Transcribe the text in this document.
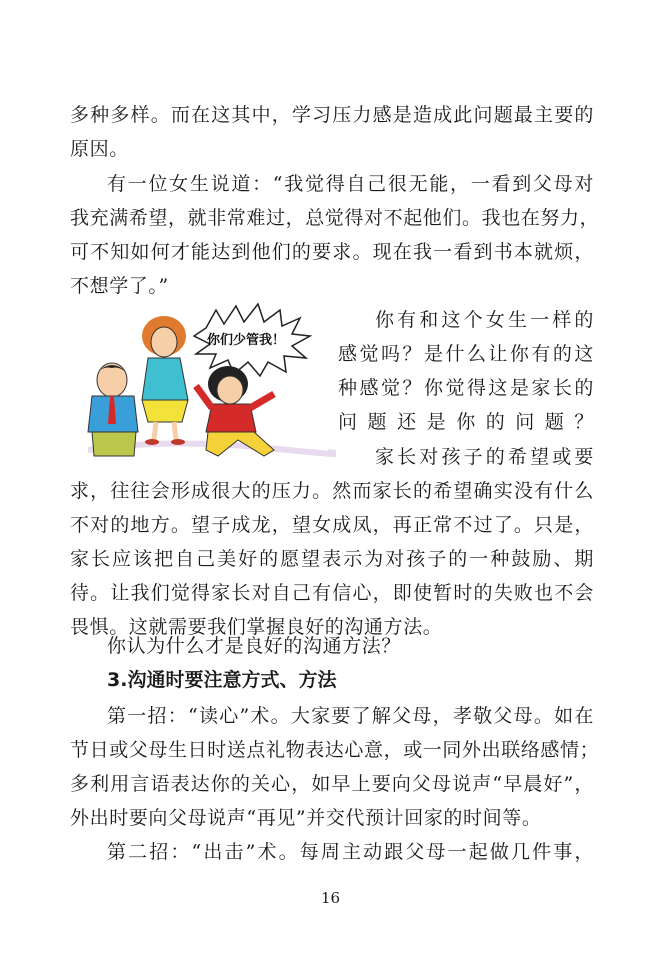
多种多样。而在这其中，学习压力感是造成此问题最主要的
原因。
有一位女生说道：“我觉得自己很无能，一看到父母对
我充满希望，就非常难过，总觉得对不起他们。我也在努力，
可不知如何才能达到他们的要求。现在我一看到书本就烦，
不想学了。”
你们少管我！
你有和这个女生一样的
感觉吗？是什么让你有的这
种感觉？你觉得这是家长的
问题还是你的问题？
家长对孩子的希望或要
求，往往会形成很大的压力。然而家长的希望确实没有什么
不对的地方。望子成龙，望女成凤，再正常不过了。只是，
家长应该把自己美好的愿望表示为对孩子的一种鼓励、期
待。让我们觉得家长对自己有信心，即使暂时的失败也不会
畏惧。这就需要我们掌握良好的沟通方法。
你认为什么才是良好的沟通方法？
3.沟通时要注意方式、方法
第一招：“读心”术。大家要了解父母，孝敬父母。如在
节日或父母生日时送点礼物表达心意，或一同外出联络感情；
多利用言语表达你的关心，如早上要向父母说声“早晨好”，
外出时要向父母说声“再见”并交代预计回家的时间等。
第二招：“出击”术。每周主动跟父母一起做几件事，
16
